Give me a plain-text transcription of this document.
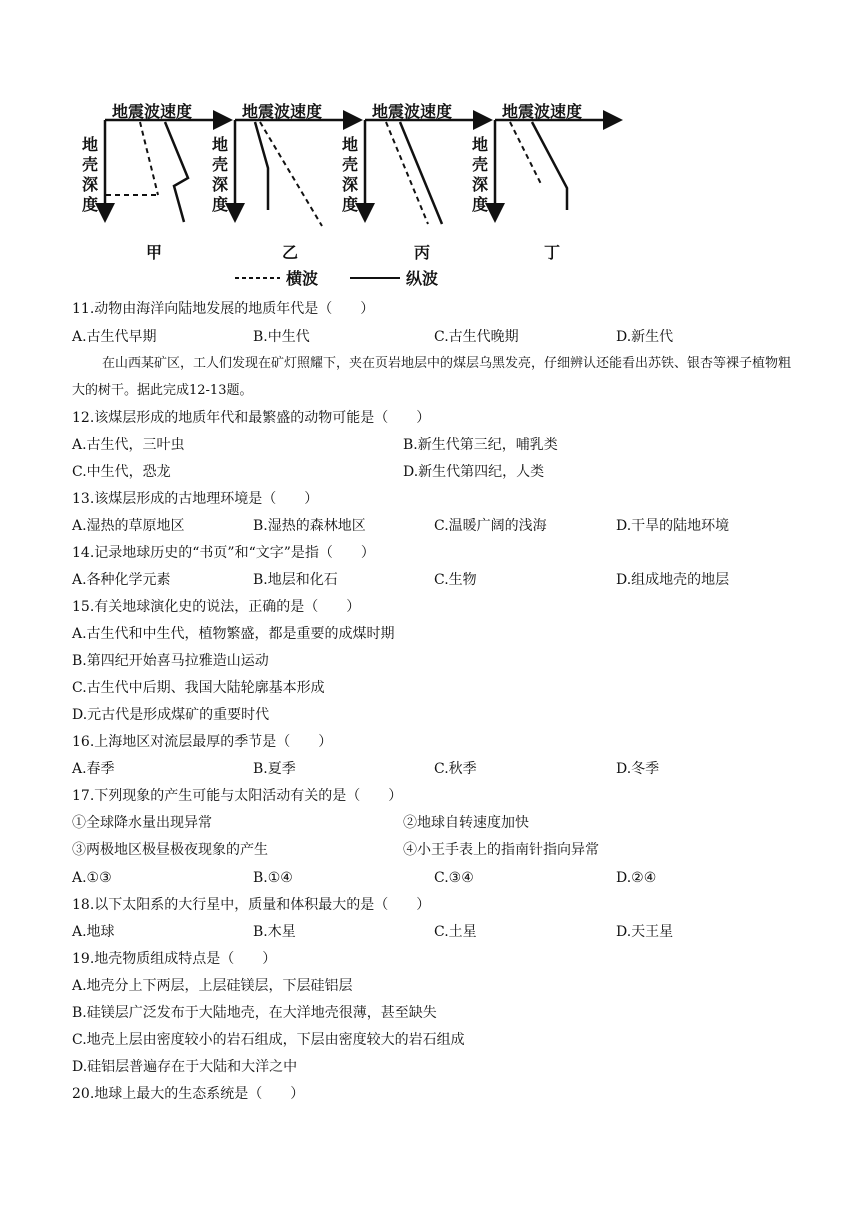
地震波速度
地
壳
深
度
甲
地震波速度
地
壳
深
度
乙
地震波速度
地
壳
深
度
丙
地震波速度
地
壳
深
度
丁
横波	纵波
11.动物由海洋向陆地发展的地质年代是（　　）
A.古生代早期	B.中生代	C.古生代晚期	D.新生代
在山西某矿区，工人们发现在矿灯照耀下，夹在页岩地层中的煤层乌黑发亮，仔细辨认还能看出苏铁、银杏等裸子植物粗大的树干。据此完成12-13题。
12.该煤层形成的地质年代和最繁盛的动物可能是（　　）
A.古生代，三叶虫	B.新生代第三纪，哺乳类
C.中生代，恐龙	D.新生代第四纪，人类
13.该煤层形成的古地理环境是（　　）
A.湿热的草原地区	B.湿热的森林地区	C.温暖广阔的浅海	D.干旱的陆地环境
14.记录地球历史的“书页”和“文字”是指（　　）
A.各种化学元素	B.地层和化石	C.生物	D.组成地壳的地层
15.有关地球演化史的说法，正确的是（　　）
A.古生代和中生代，植物繁盛，都是重要的成煤时期
B.第四纪开始喜马拉雅造山运动
C.古生代中后期、我国大陆轮廓基本形成
D.元古代是形成煤矿的重要时代
16.上海地区对流层最厚的季节是（　　）
A.春季	B.夏季	C.秋季	D.冬季
17.下列现象的产生可能与太阳活动有关的是（　　）
①全球降水量出现异常	②地球自转速度加快
③两极地区极昼极夜现象的产生	④小王手表上的指南针指向异常
A.①③	B.①④	C.③④	D.②④
18.以下太阳系的大行星中，质量和体积最大的是（　　）
A.地球	B.木星	C.土星	D.天王星
19.地壳物质组成特点是（　　）
A.地壳分上下两层，上层硅镁层，下层硅铝层
B.硅镁层广泛发布于大陆地壳，在大洋地壳很薄，甚至缺失
C.地壳上层由密度较小的岩石组成，下层由密度较大的岩石组成
D.硅铝层普遍存在于大陆和大洋之中
20.地球上最大的生态系统是（　　）
